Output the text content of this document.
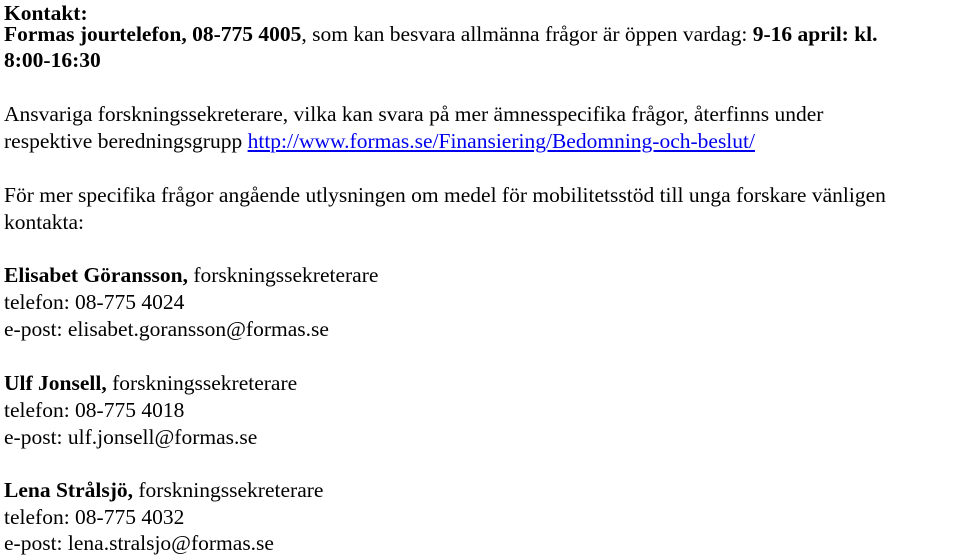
Kontakt:
Formas jourtelefon, 08-775 4005, som kan besvara allmänna frågor är öppen vardag: 9-16 april: kl.
8:00-16:30
Ansvariga forskningssekreterare, vilka kan svara på mer ämnesspecifika frågor, återfinns under
respektive beredningsgrupp http://www.formas.se/Finansiering/Bedomning-och-beslut/
För mer specifika frågor angående utlysningen om medel för mobilitetsstöd till unga forskare vänligen
kontakta:
Elisabet Göransson, forskningssekreterare
telefon: 08-775 4024
e-post: elisabet.goransson@formas.se
Ulf Jonsell, forskningssekreterare
telefon: 08-775 4018
e-post: ulf.jonsell@formas.se
Lena Strålsjö, forskningssekreterare
telefon: 08-775 4032
e-post: lena.stralsjo@formas.se
